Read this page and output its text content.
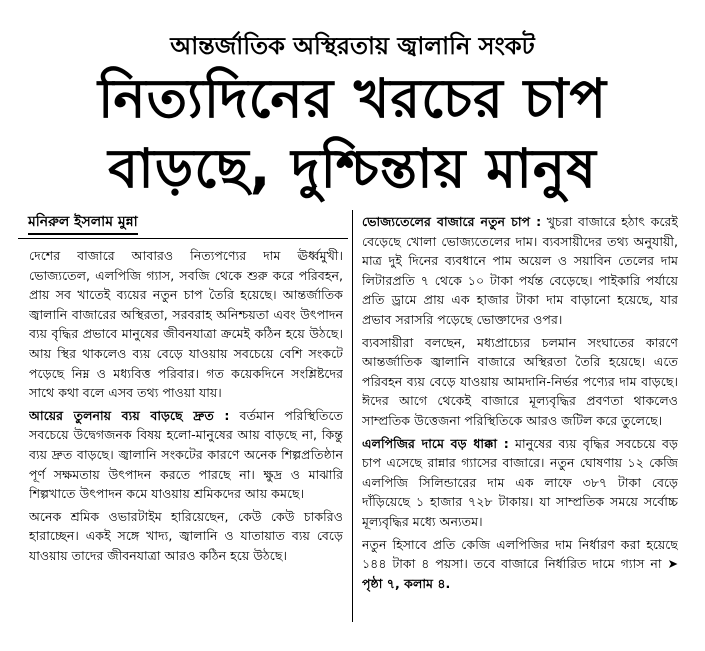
আন্তর্জাতিক অস্থিরতায় জ্বালানি সংকট
নিত্যদিনের খরচের চাপ
বাড়ছে, দুশ্চিন্তায় মানুষ
মনিরুল ইসলাম মুন্না

দেশের বাজারে আবারও নিত্যপণ্যের দাম ঊর্ধ্বমুখী। ভোজ্যতেল, এলপিজি গ্যাস, সবজি থেকে শুরু করে পরিবহন, প্রায় সব খাতেই ব্যয়ের নতুন চাপ তৈরি হয়েছে। আন্তর্জাতিক জ্বালানি বাজারের অস্থিরতা, সরবরাহ অনিশ্চয়তা এবং উৎপাদন ব্যয় বৃদ্ধির প্রভাবে মানুষের জীবনযাত্রা ক্রমেই কঠিন হয়ে উঠছে। আয় স্থির থাকলেও ব্যয় বেড়ে যাওয়ায় সবচেয়ে বেশি সংকটে পড়েছে নিম্ন ও মধ্যবিত্ত পরিবার। গত কয়েকদিনে সংশ্লিষ্টদের সাথে কথা বলে এসব তথ্য পাওয়া যায়।

আয়ের তুলনায় ব্যয় বাড়ছে দ্রুত : বর্তমান পরিস্থিতিতে সবচেয়ে উদ্বেগজনক বিষয় হলো-মানুষের আয় বাড়ছে না, কিন্তু ব্যয় দ্রুত বাড়ছে। জ্বালানি সংকটের কারণে অনেক শিল্পপ্রতিষ্ঠান পূর্ণ সক্ষমতায় উৎপাদন করতে পারছে না। ক্ষুদ্র ও মাঝারি শিল্পখাতে উৎপাদন কমে যাওয়ায় শ্রমিকদের আয় কমছে।

অনেক শ্রমিক ওভারটাইম হারিয়েছেন, কেউ কেউ চাকরিও হারাচ্ছেন। একই সঙ্গে খাদ্য, জ্বালানি ও যাতায়াত ব্যয় বেড়ে যাওয়ায় তাদের জীবনযাত্রা আরও কঠিন হয়ে উঠছে।

ভোজ্যতেলের বাজারে নতুন চাপ : খুচরা বাজারে হঠাৎ করেই বেড়েছে খোলা ভোজ্যতেলের দাম। ব্যবসায়ীদের তথ্য অনুযায়ী, মাত্র দুই দিনের ব্যবধানে পাম অয়েল ও সয়াবিন তেলের দাম লিটারপ্রতি ৭ থেকে ১০ টাকা পর্যন্ত বেড়েছে। পাইকারি পর্যায়ে প্রতি ড্রামে প্রায় এক হাজার টাকা দাম বাড়ানো হয়েছে, যার প্রভাব সরাসরি পড়েছে ভোক্তাদের ওপর।

ব্যবসায়ীরা বলছেন, মধ্যপ্রাচ্যের চলমান সংঘাতের কারণে আন্তর্জাতিক জ্বালানি বাজারে অস্থিরতা তৈরি হয়েছে। এতে পরিবহন ব্যয় বেড়ে যাওয়ায় আমদানি-নির্ভর পণ্যের দাম বাড়ছে। ঈদের আগে থেকেই বাজারে মূল্যবৃদ্ধির প্রবণতা থাকলেও সাম্প্রতিক উত্তেজনা পরিস্থিতিকে আরও জটিল করে তুলেছে।

এলপিজির দামে বড় ধাক্কা : মানুষের ব্যয় বৃদ্ধির সবচেয়ে বড় চাপ এসেছে রান্নার গ্যাসের বাজারে। নতুন ঘোষণায় ১২ কেজি এলপিজি সিলিন্ডারের দাম এক লাফে ৩৮৭ টাকা বেড়ে দাঁড়িয়েছে ১ হাজার ৭২৮ টাকায়। যা সাম্প্রতিক সময়ে সর্বোচ্চ মূল্যবৃদ্ধির মধ্যে অন্যতম।

নতুন হিসাবে প্রতি কেজি এলপিজির দাম নির্ধারণ করা হয়েছে ১৪৪ টাকা ৪ পয়সা। তবে বাজারে নির্ধারিত দামে গ্যাস না ➤ পৃষ্ঠা ৭, কলাম ৪.
